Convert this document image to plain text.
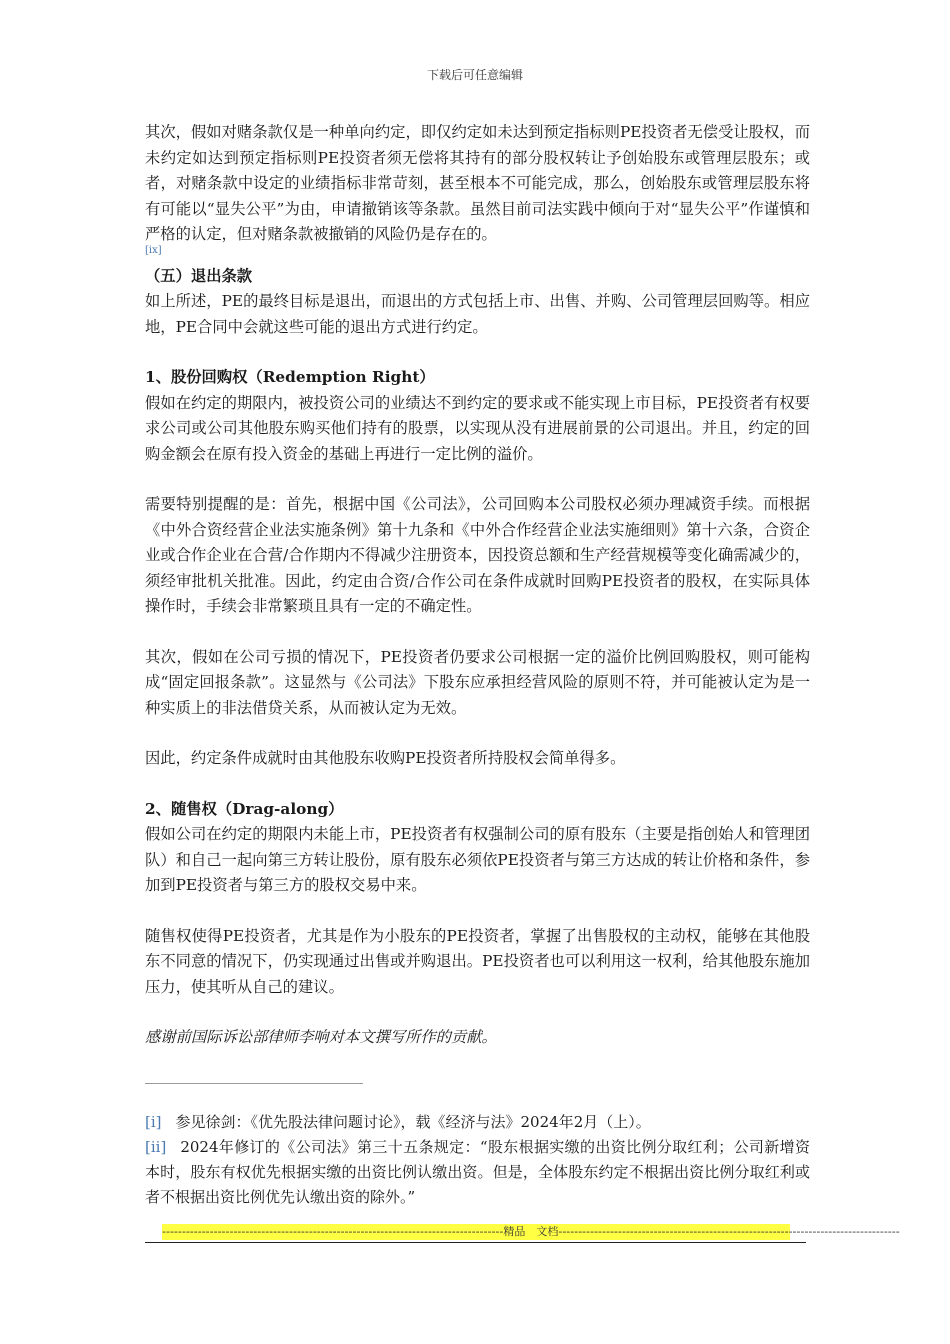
下载后可任意编辑

其次，假如对赌条款仅是一种单向约定，即仅约定如未达到预定指标则PE投资者无偿受让股权，而未约定如达到预定指标则PE投资者须无偿将其持有的部分股权转让予创始股东或管理层股东；或者，对赌条款中设定的业绩指标非常苛刻，甚至根本不可能完成，那么，创始股东或管理层股东将有可能以“显失公平”为由，申请撤销该等条款。虽然目前司法实践中倾向于对“显失公平”作谨慎和严格的认定，但对赌条款被撤销的风险仍是存在的。

[ix]

（五）退出条款

如上所述，PE的最终目标是退出，而退出的方式包括上市、出售、并购、公司管理层回购等。相应地，PE合同中会就这些可能的退出方式进行约定。

1、股份回购权（Redemption Right）

假如在约定的期限内，被投资公司的业绩达不到约定的要求或不能实现上市目标，PE投资者有权要求公司或公司其他股东购买他们持有的股票，以实现从没有进展前景的公司退出。并且，约定的回购金额会在原有投入资金的基础上再进行一定比例的溢价。

需要特别提醒的是：首先，根据中国《公司法》，公司回购本公司股权必须办理减资手续。而根据《中外合资经营企业法实施条例》第十九条和《中外合作经营企业法实施细则》第十六条，合资企业或合作企业在合营/合作期内不得减少注册资本，因投资总额和生产经营规模等变化确需减少的，须经审批机关批准。因此，约定由合资/合作公司在条件成就时回购PE投资者的股权，在实际具体操作时，手续会非常繁琐且具有一定的不确定性。

其次，假如在公司亏损的情况下，PE投资者仍要求公司根据一定的溢价比例回购股权，则可能构成“固定回报条款”。这显然与《公司法》下股东应承担经营风险的原则不符，并可能被认定为是一种实质上的非法借贷关系，从而被认定为无效。

因此，约定条件成就时由其他股东收购PE投资者所持股权会简单得多。

2、随售权（Drag-along）

假如公司在约定的期限内未能上市，PE投资者有权强制公司的原有股东（主要是指创始人和管理团队）和自己一起向第三方转让股份，原有股东必须依PE投资者与第三方达成的转让价格和条件，参加到PE投资者与第三方的股权交易中来。

随售权使得PE投资者，尤其是作为小股东的PE投资者，掌握了出售股权的主动权，能够在其他股东不同意的情况下，仍实现通过出售或并购退出。PE投资者也可以利用这一权利，给其他股东施加压力，使其听从自己的建议。

感谢前国际诉讼部律师李响对本文撰写所作的贡献。

[i] 参见徐剑：《优先股法律问题讨论》，载《经济与法》2024年2月（上）。

[ii] 2024年修订的《公司法》第三十五条规定：“股东根据实缴的出资比例分取红利；公司新增资本时，股东有权优先根据实缴的出资比例认缴出资。但是，全体股东约定不根据出资比例分取红利或者不根据出资比例优先认缴出资的除外。”

--------------------------------------------------------------------------------------精品　文档--------------------------------------------------------------------------------------
